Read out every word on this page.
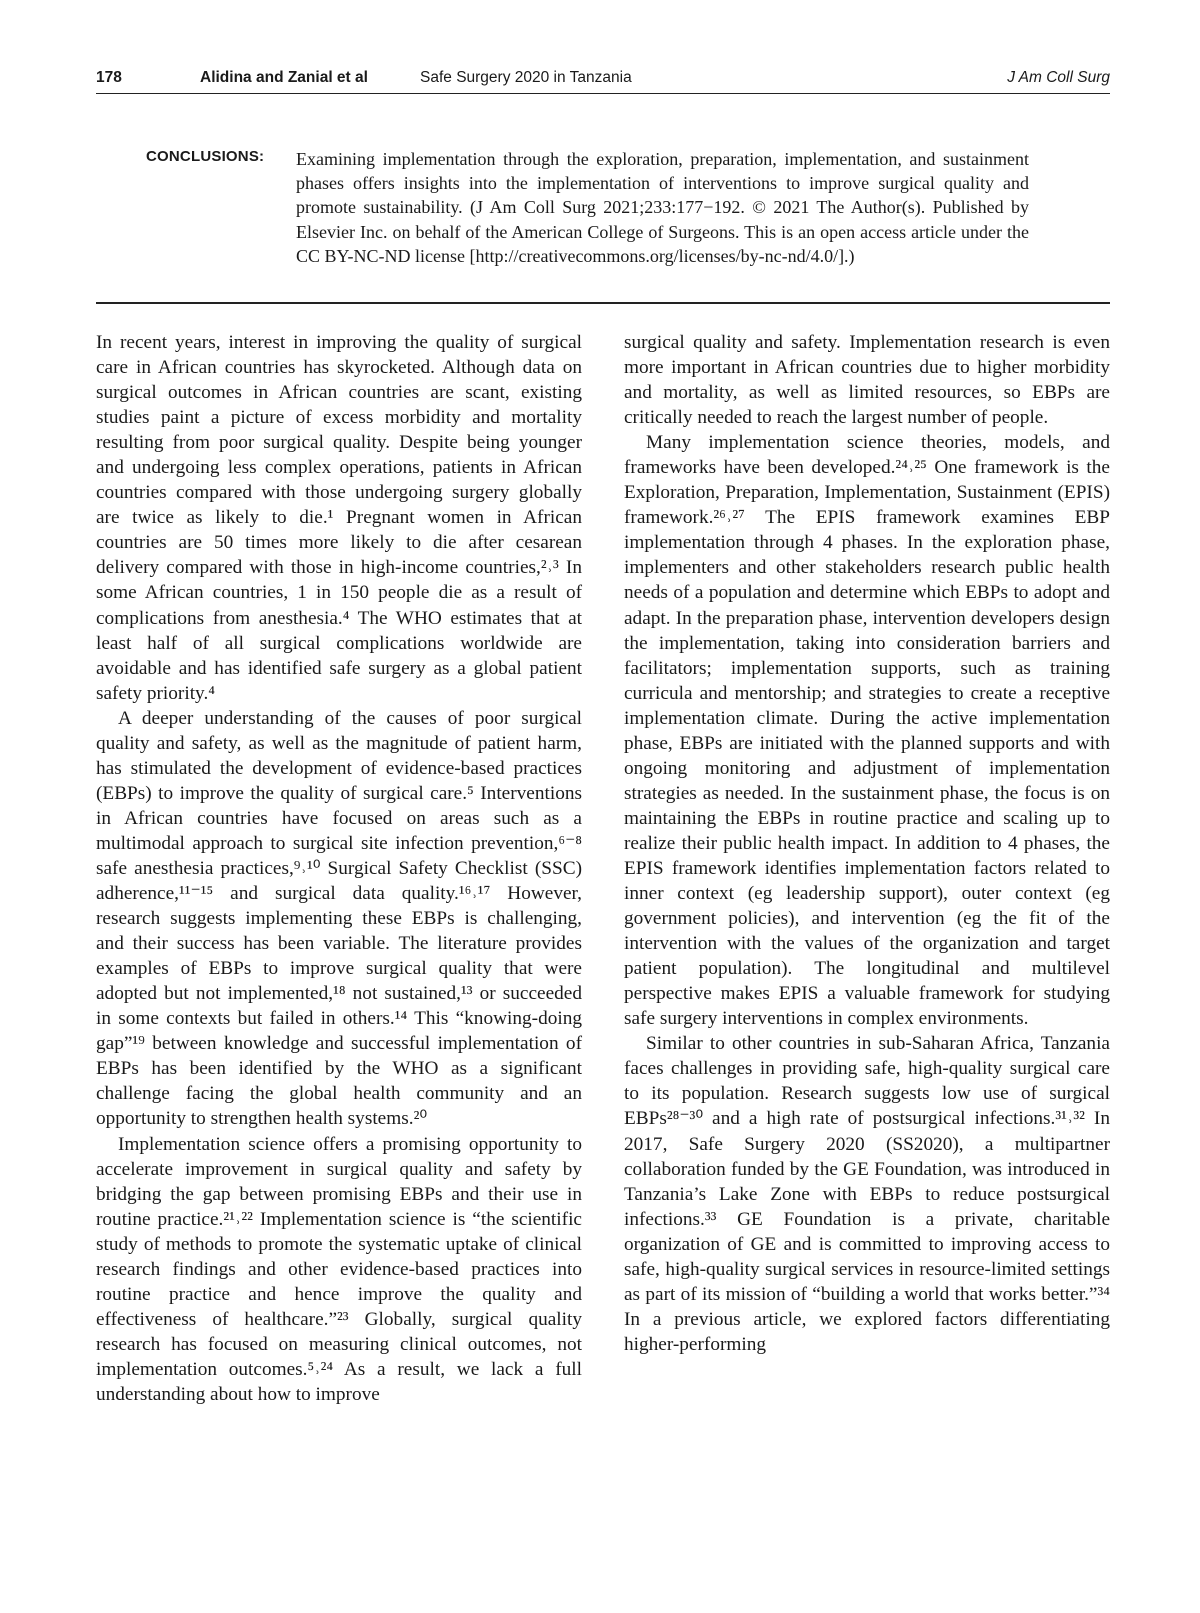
178	Alidina and Zanial et al	Safe Surgery 2020 in Tanzania	J Am Coll Surg
CONCLUSIONS: Examining implementation through the exploration, preparation, implementation, and sustainment phases offers insights into the implementation of interventions to improve surgical quality and promote sustainability. (J Am Coll Surg 2021;233:177−192. © 2021 The Author(s). Published by Elsevier Inc. on behalf of the American College of Surgeons. This is an open access article under the CC BY-NC-ND license [http://creativecommons.org/licenses/by-nc-nd/4.0/].)

In recent years, interest in improving the quality of surgical care in African countries has skyrocketed. Although data on surgical outcomes in African countries are scant, existing studies paint a picture of excess morbidity and mortality resulting from poor surgical quality. Despite being younger and undergoing less complex operations, patients in African countries compared with those undergoing surgery globally are twice as likely to die.¹ Pregnant women in African countries are 50 times more likely to die after cesarean delivery compared with those in high-income countries,²˒³ In some African countries, 1 in 150 people die as a result of complications from anesthesia.⁴ The WHO estimates that at least half of all surgical complications worldwide are avoidable and has identified safe surgery as a global patient safety priority.⁴

A deeper understanding of the causes of poor surgical quality and safety, as well as the magnitude of patient harm, has stimulated the development of evidence-based practices (EBPs) to improve the quality of surgical care.⁵ Interventions in African countries have focused on areas such as a multimodal approach to surgical site infection prevention,⁶⁻⁸ safe anesthesia practices,⁹˒¹⁰ Surgical Safety Checklist (SSC) adherence,¹¹⁻¹⁵ and surgical data quality.¹⁶˒¹⁷ However, research suggests implementing these EBPs is challenging, and their success has been variable. The literature provides examples of EBPs to improve surgical quality that were adopted but not implemented,¹⁸ not sustained,¹³ or succeeded in some contexts but failed in others.¹⁴ This “knowing-doing gap”¹⁹ between knowledge and successful implementation of EBPs has been identified by the WHO as a significant challenge facing the global health community and an opportunity to strengthen health systems.²⁰

Implementation science offers a promising opportunity to accelerate improvement in surgical quality and safety by bridging the gap between promising EBPs and their use in routine practice.²¹˒²² Implementation science is “the scientific study of methods to promote the systematic uptake of clinical research findings and other evidence-based practices into routine practice and hence improve the quality and effectiveness of healthcare.”²³ Globally, surgical quality research has focused on measuring clinical outcomes, not implementation outcomes.⁵˒²⁴ As a result, we lack a full understanding about how to improve

surgical quality and safety. Implementation research is even more important in African countries due to higher morbidity and mortality, as well as limited resources, so EBPs are critically needed to reach the largest number of people.

Many implementation science theories, models, and frameworks have been developed.²⁴˒²⁵ One framework is the Exploration, Preparation, Implementation, Sustainment (EPIS) framework.²⁶˒²⁷ The EPIS framework examines EBP implementation through 4 phases. In the exploration phase, implementers and other stakeholders research public health needs of a population and determine which EBPs to adopt and adapt. In the preparation phase, intervention developers design the implementation, taking into consideration barriers and facilitators; implementation supports, such as training curricula and mentorship; and strategies to create a receptive implementation climate. During the active implementation phase, EBPs are initiated with the planned supports and with ongoing monitoring and adjustment of implementation strategies as needed. In the sustainment phase, the focus is on maintaining the EBPs in routine practice and scaling up to realize their public health impact. In addition to 4 phases, the EPIS framework identifies implementation factors related to inner context (eg leadership support), outer context (eg government policies), and intervention (eg the fit of the intervention with the values of the organization and target patient population). The longitudinal and multilevel perspective makes EPIS a valuable framework for studying safe surgery interventions in complex environments.

Similar to other countries in sub-Saharan Africa, Tanzania faces challenges in providing safe, high-quality surgical care to its population. Research suggests low use of surgical EBPs²⁸⁻³⁰ and a high rate of postsurgical infections.³¹˒³² In 2017, Safe Surgery 2020 (SS2020), a multipartner collaboration funded by the GE Foundation, was introduced in Tanzania’s Lake Zone with EBPs to reduce postsurgical infections.³³ GE Foundation is a private, charitable organization of GE and is committed to improving access to safe, high-quality surgical services in resource-limited settings as part of its mission of “building a world that works better.”³⁴ In a previous article, we explored factors differentiating higher-performing
